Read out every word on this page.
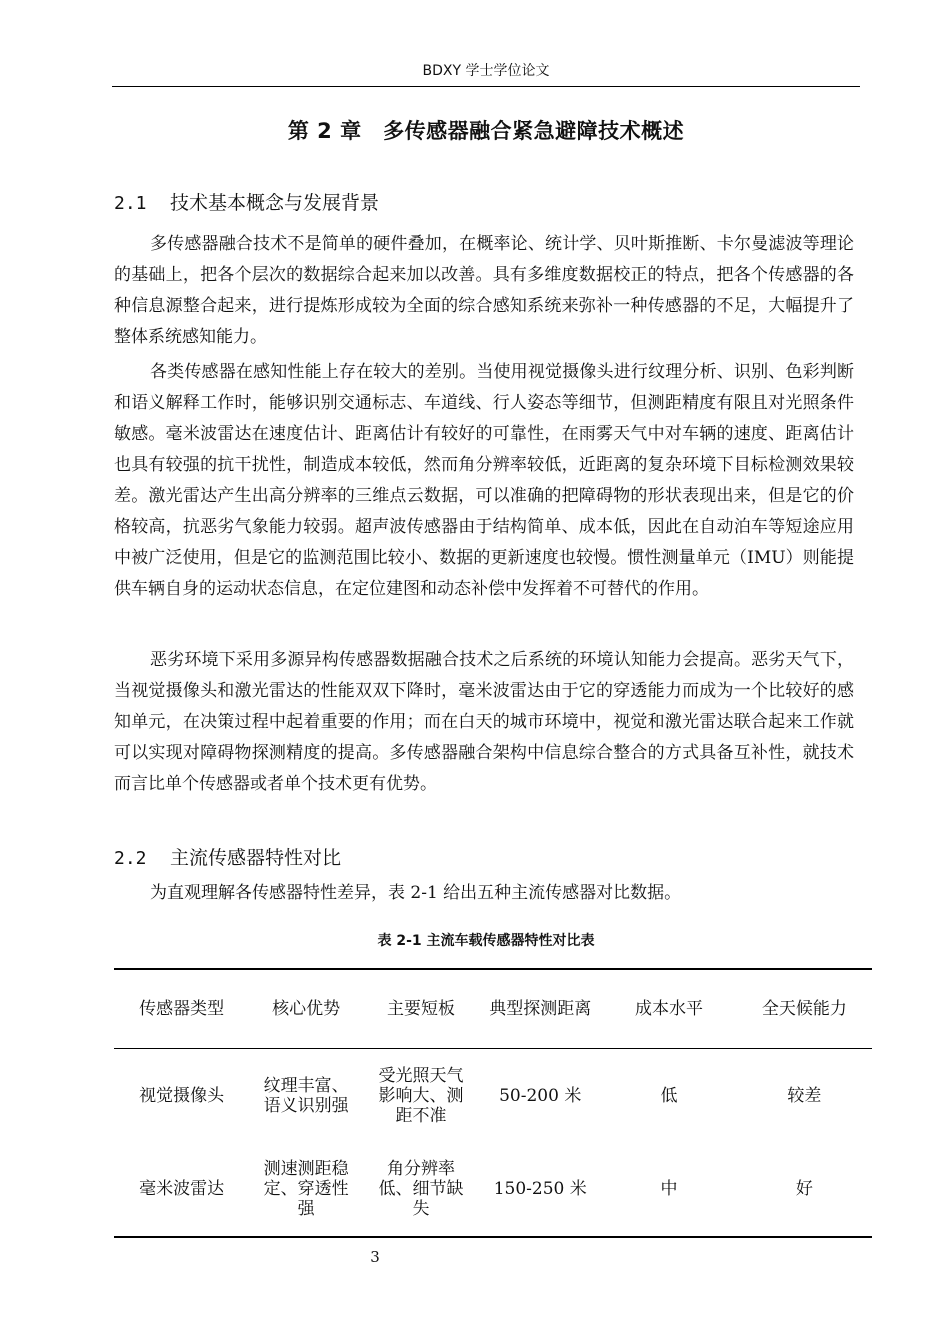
BDXY 学士学位论文
第 2 章　多传感器融合紧急避障技术概述
2.1 技术基本概念与发展背景

多传感器融合技术不是简单的硬件叠加，在概率论、统计学、贝叶斯推断、卡尔曼滤波等理论的基础上，把各个层次的数据综合起来加以改善。具有多维度数据校正的特点，把各个传感器的各种信息源整合起来，进行提炼形成较为全面的综合感知系统来弥补一种传感器的不足，大幅提升了整体系统感知能力。

各类传感器在感知性能上存在较大的差别。当使用视觉摄像头进行纹理分析、识别、色彩判断和语义解释工作时，能够识别交通标志、车道线、行人姿态等细节，但测距精度有限且对光照条件敏感。毫米波雷达在速度估计、距离估计有较好的可靠性，在雨雾天气中对车辆的速度、距离估计也具有较强的抗干扰性，制造成本较低，然而角分辨率较低，近距离的复杂环境下目标检测效果较差。激光雷达产生出高分辨率的三维点云数据，可以准确的把障碍物的形状表现出来，但是它的价格较高，抗恶劣气象能力较弱。超声波传感器由于结构简单、成本低，因此在自动泊车等短途应用中被广泛使用，但是它的监测范围比较小、数据的更新速度也较慢。惯性测量单元（IMU）则能提供车辆自身的运动状态信息，在定位建图和动态补偿中发挥着不可替代的作用。

恶劣环境下采用多源异构传感器数据融合技术之后系统的环境认知能力会提高。恶劣天气下，当视觉摄像头和激光雷达的性能双双下降时，毫米波雷达由于它的穿透能力而成为一个比较好的感知单元，在决策过程中起着重要的作用；而在白天的城市环境中，视觉和激光雷达联合起来工作就可以实现对障碍物探测精度的提高。多传感器融合架构中信息综合整合的方式具备互补性，就技术而言比单个传感器或者单个技术更有优势。

2.2 主流传感器特性对比

为直观理解各传感器特性差异，表 2-1 给出五种主流传感器对比数据。

表 2-1 主流车载传感器特性对比表
传感器类型	核心优势	主要短板	典型探测距离	成本水平	全天候能力
视觉摄像头	纹理丰富、语义识别强	受光照天气影响大、测距不准	50-200 米	低	较差
毫米波雷达	测速测距稳定、穿透性强	角分辨率低、细节缺失	150-250 米	中	好
3
